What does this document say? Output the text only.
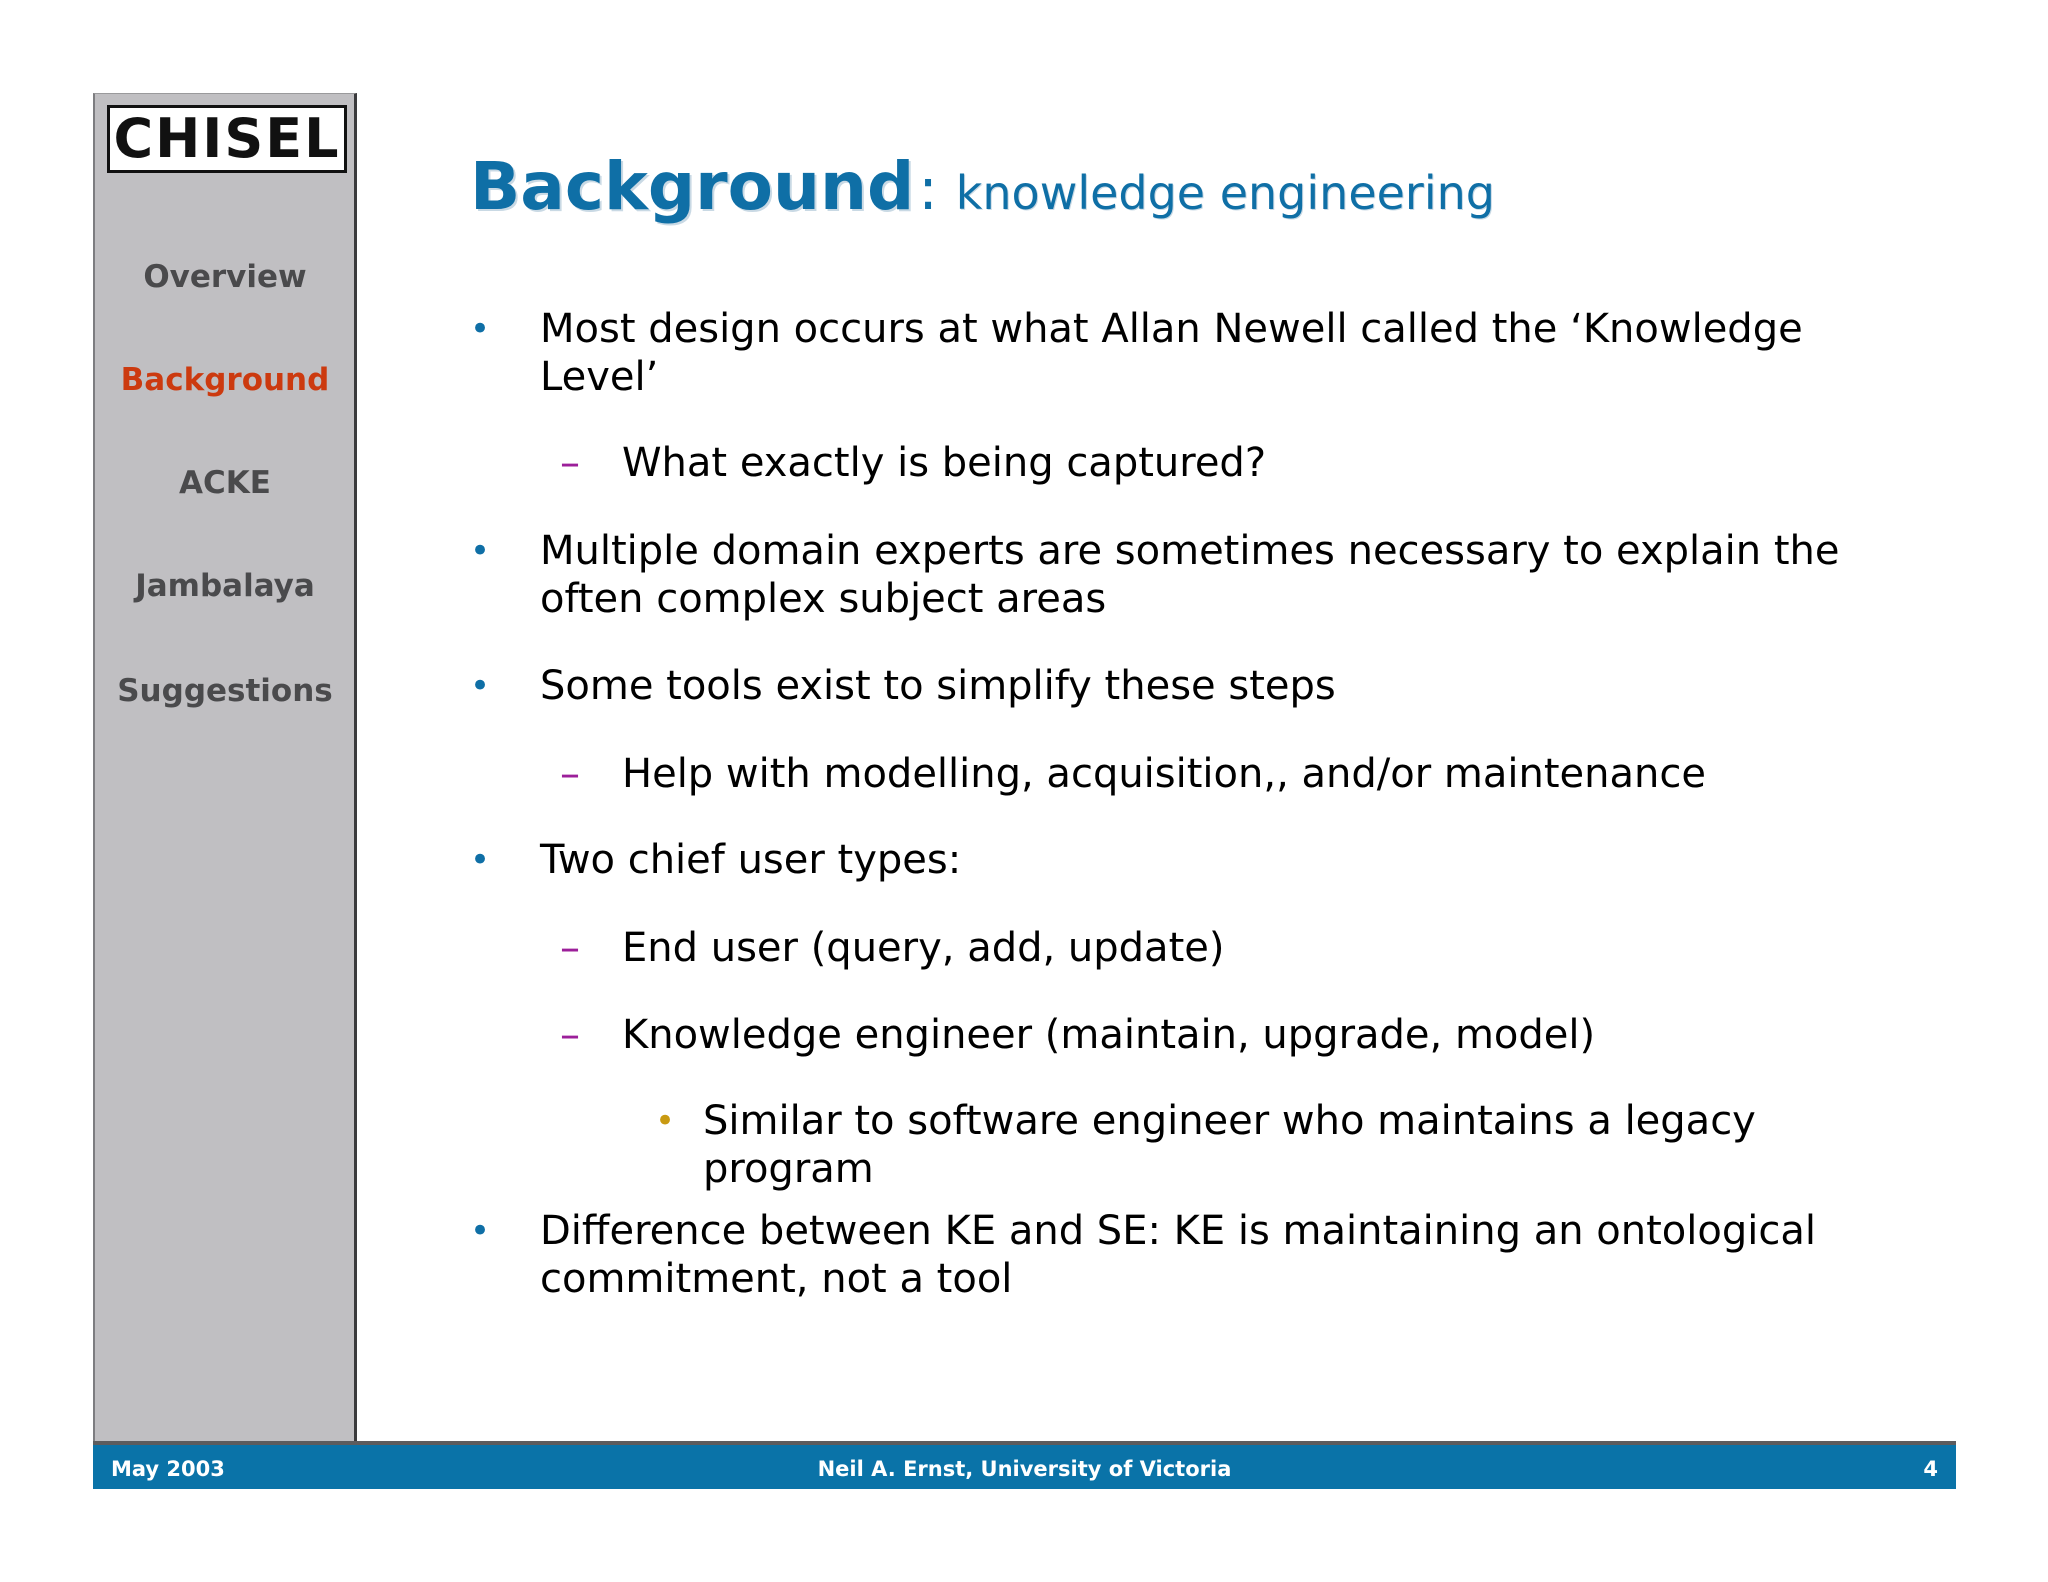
CHISEL
Overview
Background
ACKE
Jambalaya
Suggestions
Background: knowledge engineering
• Most design occurs at what Allan Newell called the ‘Knowledge
Level’
– What exactly is being captured?
• Multiple domain experts are sometimes necessary to explain the
often complex subject areas
• Some tools exist to simplify these steps
– Help with modelling, acquisition,, and/or maintenance
• Two chief user types:
– End user (query, add, update)
– Knowledge engineer (maintain, upgrade, model)
• Similar to software engineer who maintains a legacy
program
• Difference between KE and SE: KE is maintaining an ontological
commitment, not a tool
May 2003	Neil A. Ernst, University of Victoria	4
